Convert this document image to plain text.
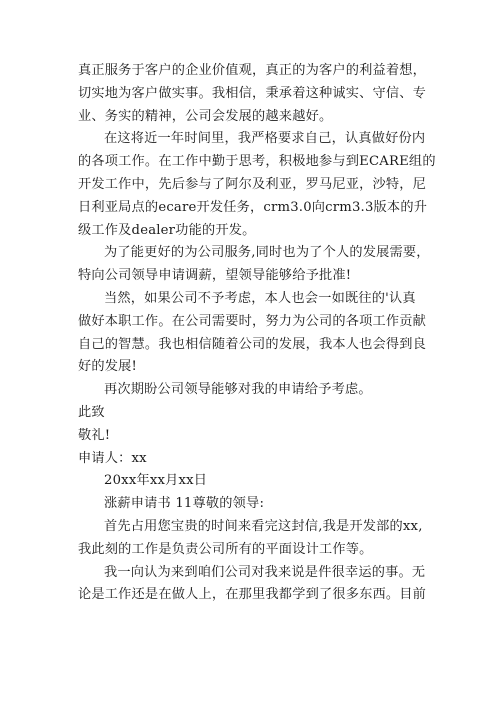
真正服务于客户的企业价值观，真正的为客户的利益着想，
切实地为客户做实事。我相信，秉承着这种诚实、守信、专
业、务实的精神，公司会发展的越来越好。
在这将近一年时间里，我严格要求自己，认真做好份内
的各项工作。在工作中勤于思考，积极地参与到ECARE组的
开发工作中，先后参与了阿尔及利亚，罗马尼亚，沙特，尼
日利亚局点的ecare开发任务，crm3.0向crm3.3版本的升
级工作及dealer功能的开发。
为了能更好的为公司服务,同时也为了个人的发展需要，
特向公司领导申请调薪，望领导能够给予批准!
当然，如果公司不予考虑，本人也会一如既往的'认真
做好本职工作。在公司需要时，努力为公司的各项工作贡献
自己的智慧。我也相信随着公司的发展，我本人也会得到良
好的发展!
再次期盼公司领导能够对我的申请给予考虑。
此致
敬礼!
申请人：xx
20xx年xx月xx日
涨薪申请书 11尊敬的领导:
首先占用您宝贵的时间来看完这封信,我是开发部的xx,
我此刻的工作是负责公司所有的平面设计工作等。
我一向认为来到咱们公司对我来说是件很幸运的事。无
论是工作还是在做人上，在那里我都学到了很多东西。目前
